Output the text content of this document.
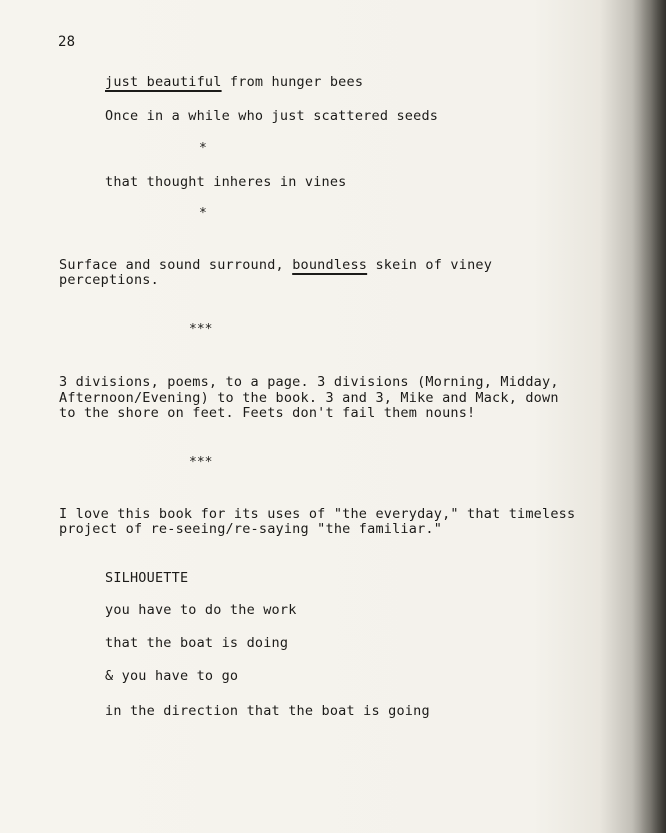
28
just beautiful from hunger bees
Once in a while who just scattered seeds
*
that thought inheres in vines
*
Surface and sound surround, boundless skein of viney
perceptions.
***
3 divisions, poems, to a page. 3 divisions (Morning, Midday,
Afternoon/Evening) to the book. 3 and 3, Mike and Mack, down
to the shore on feet. Feets don't fail them nouns!
***
I love this book for its uses of "the everyday," that timeless
project of re-seeing/re-saying "the familiar."
SILHOUETTE
you have to do the work
that the boat is doing
& you have to go
in the direction that the boat is going
